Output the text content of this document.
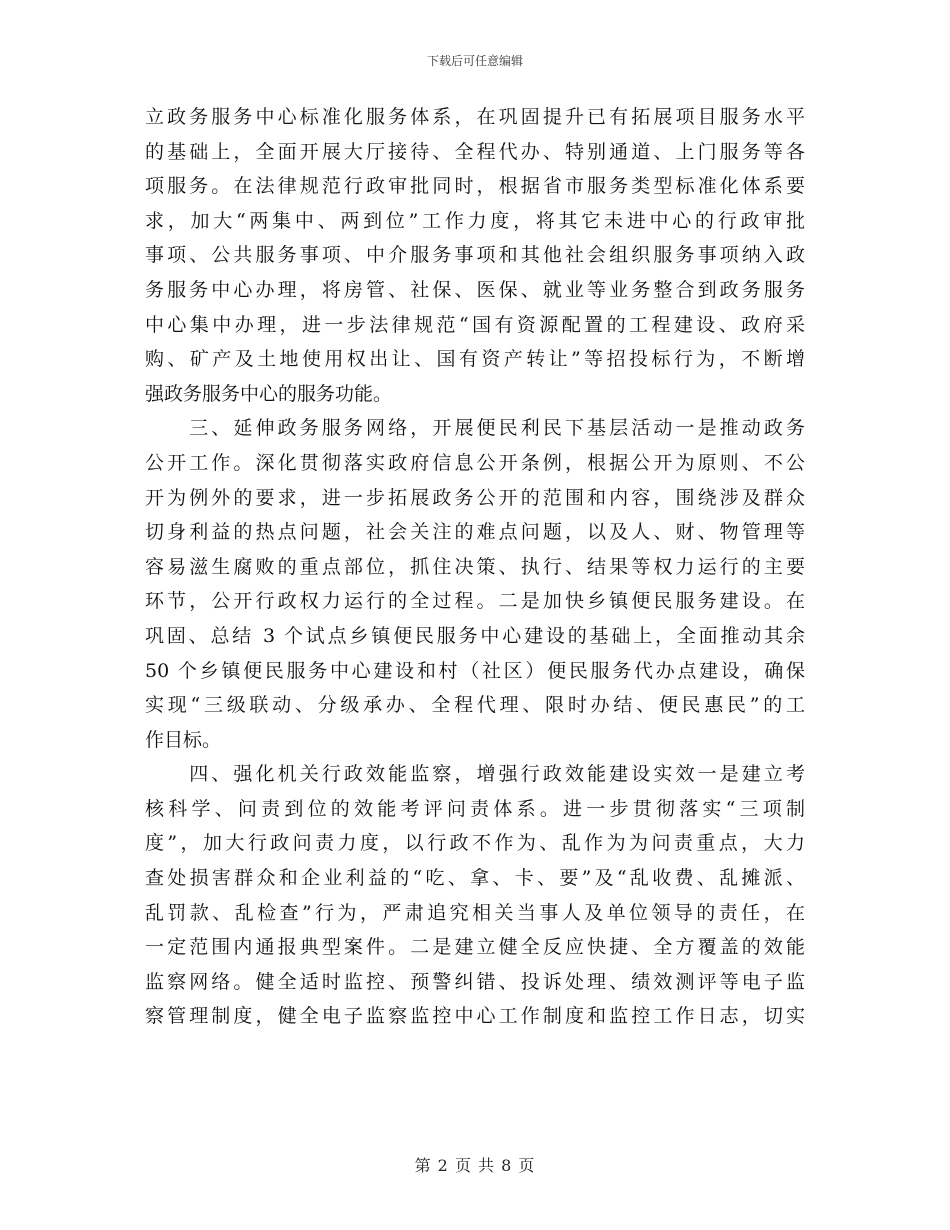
下载后可任意编辑
立政务服务中心标准化服务体系，在巩固提升已有拓展项目服务水平
的基础上，全面开展大厅接待、全程代办、特别通道、上门服务等各
项服务。在法律规范行政审批同时，根据省市服务类型标准化体系要
求，加大“两集中、两到位”工作力度，将其它未进中心的行政审批
事项、公共服务事项、中介服务事项和其他社会组织服务事项纳入政
务服务中心办理，将房管、社保、医保、就业等业务整合到政务服务
中心集中办理，进一步法律规范“国有资源配置的工程建设、政府采
购、矿产及土地使用权出让、国有资产转让”等招投标行为，不断增
强政务服务中心的服务功能。
　　三、延伸政务服务网络，开展便民利民下基层活动一是推动政务
公开工作。深化贯彻落实政府信息公开条例，根据公开为原则、不公
开为例外的要求，进一步拓展政务公开的范围和内容，围绕涉及群众
切身利益的热点问题，社会关注的难点问题，以及人、财、物管理等
容易滋生腐败的重点部位，抓住决策、执行、结果等权力运行的主要
环节，公开行政权力运行的全过程。二是加快乡镇便民服务建设。在
巩固、总结 3 个试点乡镇便民服务中心建设的基础上，全面推动其余
50 个乡镇便民服务中心建设和村（社区）便民服务代办点建设，确保
实现“三级联动、分级承办、全程代理、限时办结、便民惠民”的工
作目标。
　　四、强化机关行政效能监察，增强行政效能建设实效一是建立考
核科学、问责到位的效能考评问责体系。进一步贯彻落实“三项制
度”，加大行政问责力度，以行政不作为、乱作为为问责重点，大力
查处损害群众和企业利益的“吃、拿、卡、要”及“乱收费、乱摊派、
乱罚款、乱检查”行为，严肃追究相关当事人及单位领导的责任，在
一定范围内通报典型案件。二是建立健全反应快捷、全方覆盖的效能
监察网络。健全适时监控、预警纠错、投诉处理、绩效测评等电子监
察管理制度，健全电子监察监控中心工作制度和监控工作日志，切实
第 2 页 共 8 页
